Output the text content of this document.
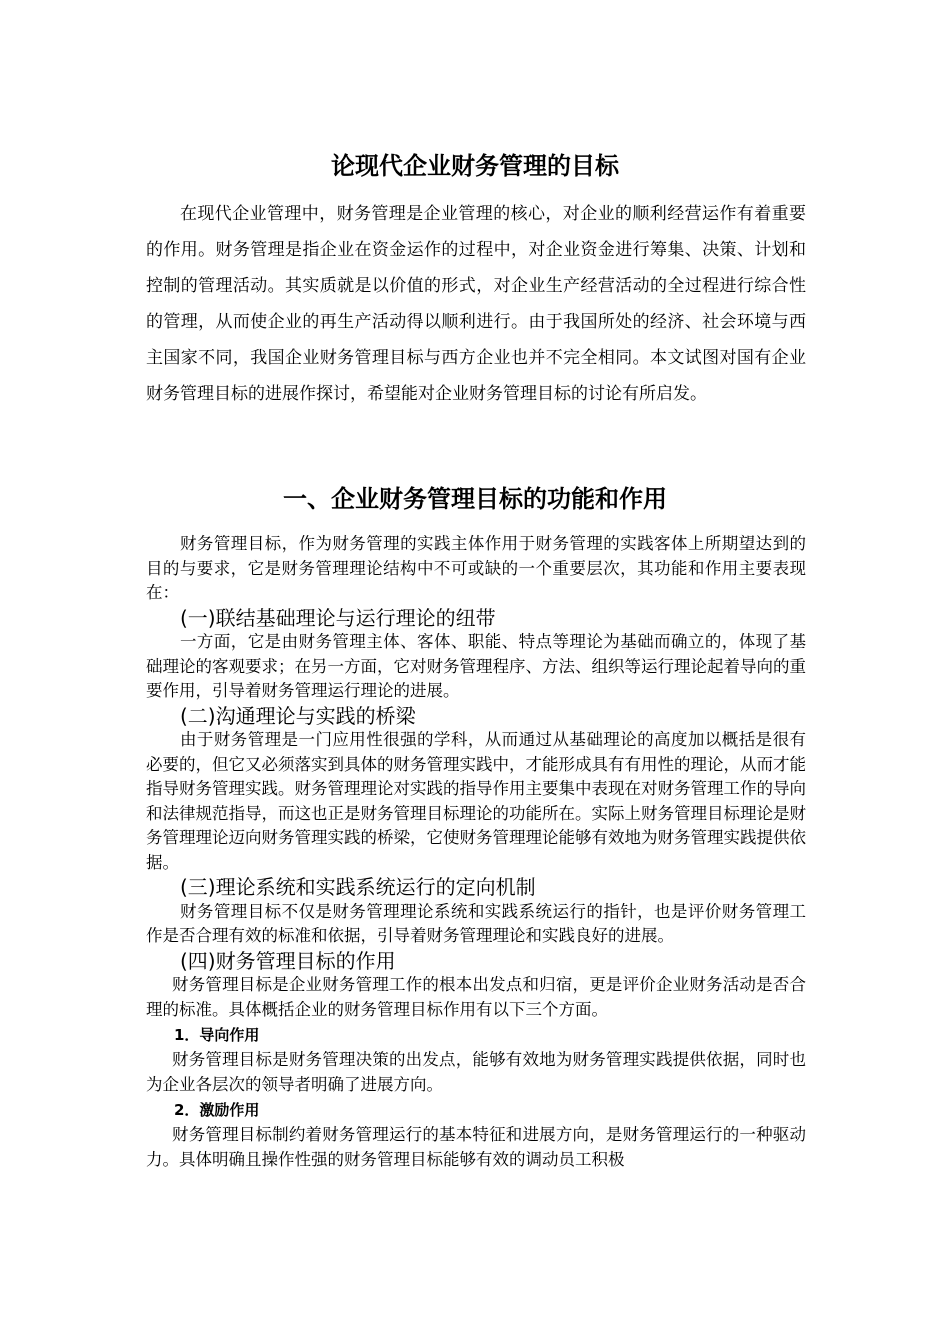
论现代企业财务管理的目标

在现代企业管理中，财务管理是企业管理的核心，对企业的顺利经营运作有着重要的作用。财务管理是指企业在资金运作的过程中，对企业资金进行筹集、决策、计划和控制的管理活动。其实质就是以价值的形式，对企业生产经营活动的全过程进行综合性的管理，从而使企业的再生产活动得以顺利进行。由于我国所处的经济、社会环境与西主国家不同，我国企业财务管理目标与西方企业也并不完全相同。本文试图对国有企业财务管理目标的进展作探讨，希望能对企业财务管理目标的讨论有所启发。

一、企业财务管理目标的功能和作用

财务管理目标，作为财务管理的实践主体作用于财务管理的实践客体上所期望达到的目的与要求，它是财务管理理论结构中不可或缺的一个重要层次，其功能和作用主要表现在：

(一)联结基础理论与运行理论的纽带

一方面，它是由财务管理主体、客体、职能、特点等理论为基础而确立的，体现了基础理论的客观要求；在另一方面，它对财务管理程序、方法、组织等运行理论起着导向的重要作用，引导着财务管理运行理论的进展。

(二)沟通理论与实践的桥梁

由于财务管理是一门应用性很强的学科，从而通过从基础理论的高度加以概括是很有必要的，但它又必须落实到具体的财务管理实践中，才能形成具有有用性的理论，从而才能指导财务管理实践。财务管理理论对实践的指导作用主要集中表现在对财务管理工作的导向和法律规范指导，而这也正是财务管理目标理论的功能所在。实际上财务管理目标理论是财务管理理论迈向财务管理实践的桥梁，它使财务管理理论能够有效地为财务管理实践提供依据。

(三)理论系统和实践系统运行的定向机制

财务管理目标不仅是财务管理理论系统和实践系统运行的指针，也是评价财务管理工作是否合理有效的标准和依据，引导着财务管理理论和实践良好的进展。

(四)财务管理目标的作用

财务管理目标是企业财务管理工作的根本出发点和归宿，更是评价企业财务活动是否合理的标准。具体概括企业的财务管理目标作用有以下三个方面。

1．导向作用

财务管理目标是财务管理决策的出发点，能够有效地为财务管理实践提供依据，同时也为企业各层次的领导者明确了进展方向。

2．激励作用

财务管理目标制约着财务管理运行的基本特征和进展方向，是财务管理运行的一种驱动力。具体明确且操作性强的财务管理目标能够有效的调动员工积极
